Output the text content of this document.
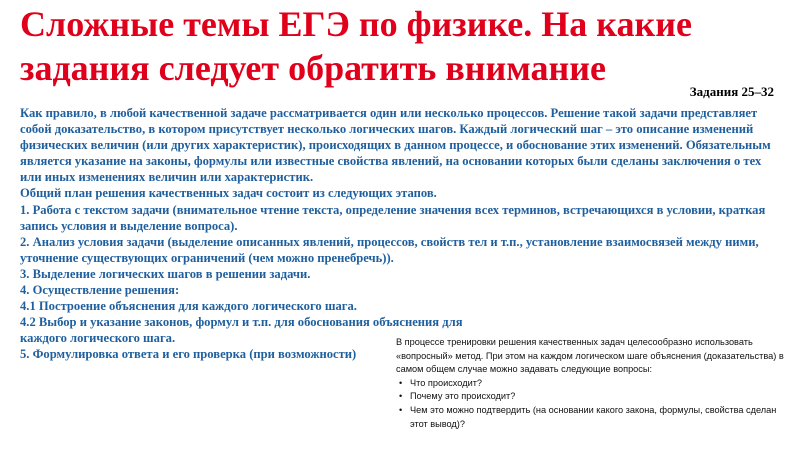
Сложные темы ЕГЭ по физике. На какие задания следует обратить внимание
Задания 25–32

Как правило, в любой качественной задаче рассматривается один или несколько процессов. Решение такой задачи представляет собой доказательство, в котором присутствует несколько логических шагов. Каждый логический шаг – это описание изменений физических величин (или других характеристик), происходящих в данном процессе, и обоснование этих изменений. Обязательным является указание на законы, формулы или известные свойства явлений, на основании которых были сделаны заключения о тех или иных изменениях величин или характеристик.

Общий план решения качественных задач состоит из следующих этапов.

1. Работа с текстом задачи (внимательное чтение текста, определение значения всех терминов, встречающихся в условии, краткая запись условия и выделение вопроса).

2. Анализ условия задачи (выделение описанных явлений, процессов, свойств тел и т.п., установление взаимосвязей между ними, уточнение существующих ограничений (чем можно пренебречь)).

3. Выделение логических шагов в решении задачи.

4. Осуществление решения:

4.1 Построение объяснения для каждого логического шага.

4.2 Выбор и указание законов, формул и т.п. для обоснования объяснения для каждого логического шага.

5. Формулировка ответа и его проверка (при возможности)

В процессе тренировки решения качественных задач целесообразно использовать «вопросный» метод. При этом на каждом логическом шаге объяснения (доказательства) в самом общем случае можно задавать следующие вопросы:

• Что происходит?
• Почему это происходит?
• Чем это можно подтвердить (на основании какого закона, формулы, свойства сделан этот вывод)?
